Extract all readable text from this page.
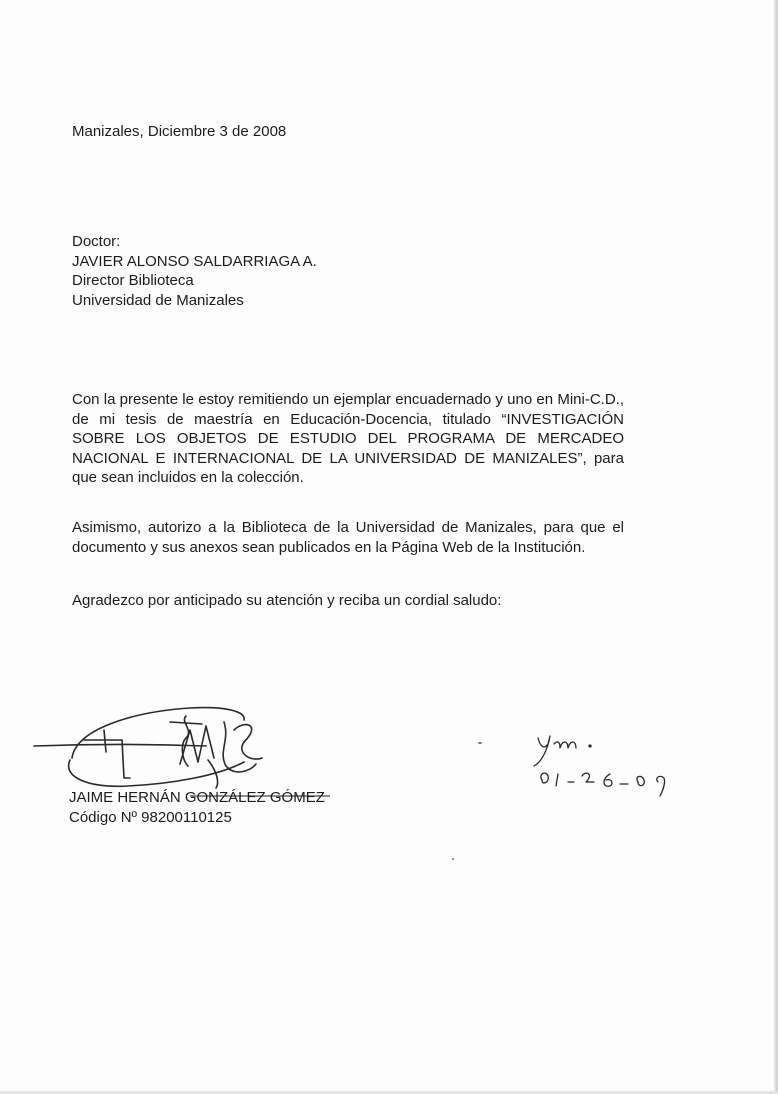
Manizales, Diciembre 3 de 2008
Doctor:
JAVIER ALONSO SALDARRIAGA A.
Director Biblioteca
Universidad de Manizales
Con la presente le estoy remitiendo un ejemplar encuadernado y uno en Mini-C.D., de mi tesis de maestría en Educación-Docencia, titulado “INVESTIGACIÓN SOBRE LOS OBJETOS DE ESTUDIO DEL PROGRAMA DE MERCADEO NACIONAL E INTERNACIONAL DE LA UNIVERSIDAD DE MANIZALES”, para que sean incluidos en la colección.
Asimismo, autorizo a la Biblioteca de la Universidad de Manizales, para que el documento y sus anexos sean publicados en la Página Web de la Institución.
Agradezco por anticipado su atención y reciba un cordial saludo:
JAIME HERNÁN GONZÁLEZ GÓMEZ
Código Nº 98200110125
